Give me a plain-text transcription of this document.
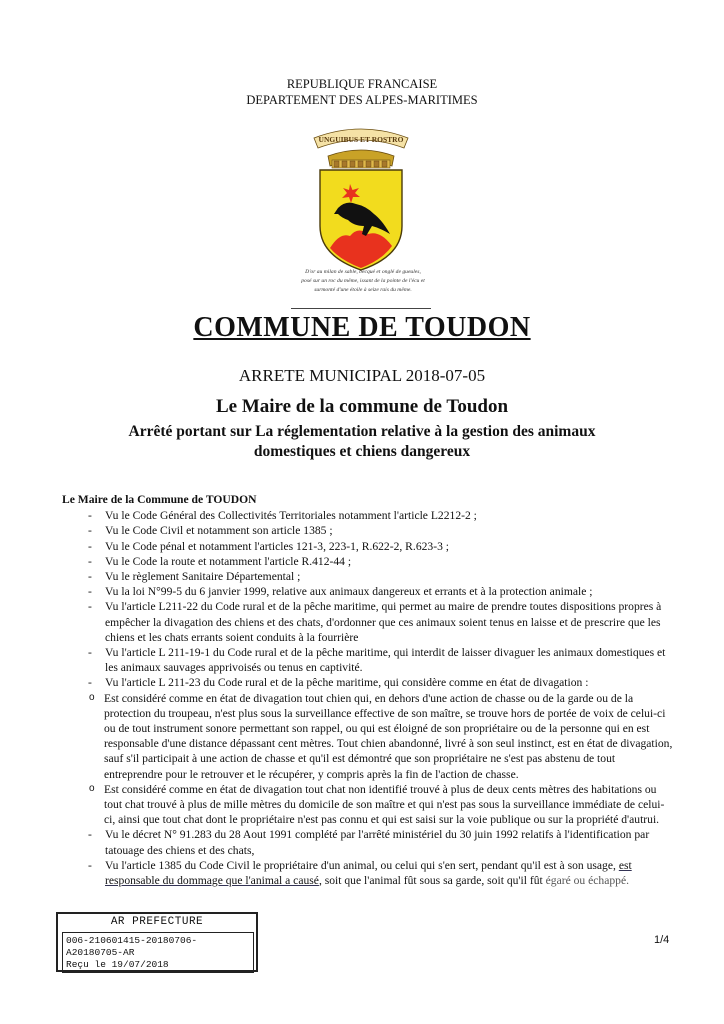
REPUBLIQUE FRANCAISE
DEPARTEMENT DES ALPES-MARITIMES
UNGUIBUS ET ROSTRO
D'or au milan de sable, becqué et onglé de gueules, posé sur un roc du même, issant de la pointe de l'écu et surmonté d'une étoile à seize rais du même.
COMMUNE DE TOUDON
ARRETE MUNICIPAL 2018-07-05
Le Maire de la commune de Toudon
Arrêté portant sur La réglementation relative à la gestion des animaux domestiques et chiens dangereux
Le Maire de la Commune de TOUDON
- Vu le Code Général des Collectivités Territoriales notamment l'article L2212-2 ;
- Vu le Code Civil et notamment son article 1385 ;
- Vu le Code pénal et notamment l'articles 121-3, 223-1, R.622-2, R.623-3 ;
- Vu le Code la route et notamment l'article R.412-44 ;
- Vu le règlement Sanitaire Départemental ;
- Vu la loi N°99-5 du 6 janvier 1999, relative aux animaux dangereux et errants et à la protection animale ;
- Vu l'article L211-22 du Code rural et de la pêche maritime, qui permet au maire de prendre toutes dispositions propres à empêcher la divagation des chiens et des chats, d'ordonner que ces animaux soient tenus en laisse et de prescrire que les chiens et les chats errants soient conduits à la fourrière
- Vu l'article L 211-19-1 du Code rural et de la pêche maritime, qui interdit de laisser divaguer les animaux domestiques et les animaux sauvages apprivoisés ou tenus en captivité.
- Vu l'article L 211-23 du Code rural et de la pêche maritime, qui considère comme en état de divagation :
o Est considéré comme en état de divagation tout chien qui, en dehors d'une action de chasse ou de la garde ou de la protection du troupeau, n'est plus sous la surveillance effective de son maître, se trouve hors de portée de voix de celui-ci ou de tout instrument sonore permettant son rappel, ou qui est éloigné de son propriétaire ou de la personne qui en est responsable d'une distance dépassant cent mètres. Tout chien abandonné, livré à son seul instinct, est en état de divagation, sauf s'il participait à une action de chasse et qu'il est démontré que son propriétaire ne s'est pas abstenu de tout entreprendre pour le retrouver et le récupérer, y compris après la fin de l'action de chasse.
o Est considéré comme en état de divagation tout chat non identifié trouvé à plus de deux cents mètres des habitations ou tout chat trouvé à plus de mille mètres du domicile de son maître et qui n'est pas sous la surveillance immédiate de celui-ci, ainsi que tout chat dont le propriétaire n'est pas connu et qui est saisi sur la voie publique ou sur la propriété d'autrui.
- Vu le décret N° 91.283 du 28 Aout 1991 complété par l'arrêté ministériel du 30 juin 1992 relatifs à l'identification par tatouage des chiens et des chats,
- Vu l'article 1385 du Code Civil le propriétaire d'un animal, ou celui qui s'en sert, pendant qu'il est à son usage, est responsable du dommage que l'animal a causé, soit que l'animal fût sous sa garde, soit qu'il fût égaré ou échappé.
AR PREFECTURE
006-210601415-20180706-A20180705-AR
Reçu le 19/07/2018
1/4
